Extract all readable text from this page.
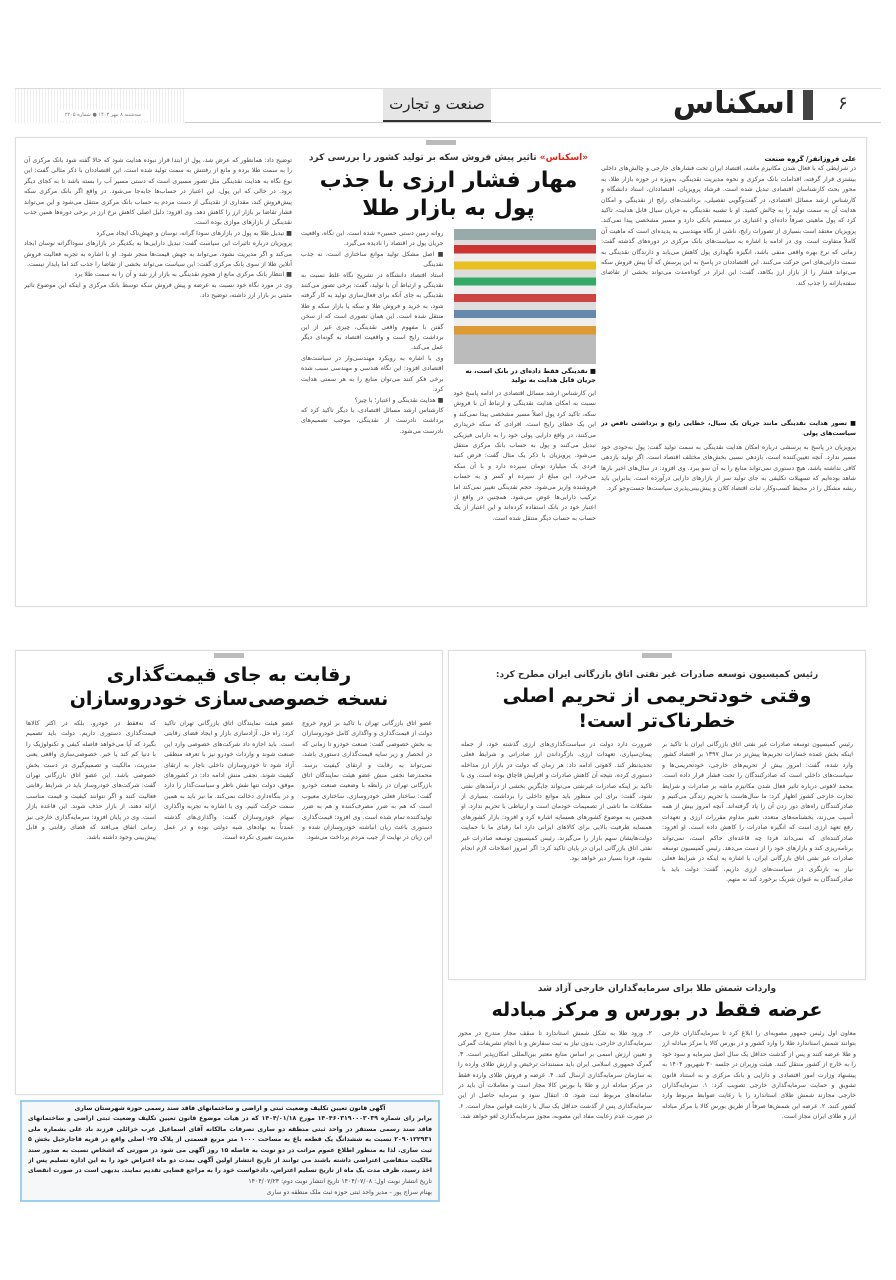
سه‌شنبه ۸ مهر ۱۴۰۳ ● شماره ۲۲۰۵
صنعت و تجارت	اسکناس ۶
علی فروزانفر/ گروه صنعت
در شرایطی که با فعال شدن مکانیزم ماشه، اقتصاد ایران تحت فشارهای خارجی و چالش‌های داخلی بیشتری قرار گرفته، اقدامات بانک مرکزی و نحوه مدیریت نقدینگی، به‌ویژه در حوزه بازار طلا، به محور بحث کارشناسان اقتصادی تبدیل شده است. فرشاد پرویزیان، اقتصاددان، استاد دانشگاه و کارشناس ارشد مسائل اقتصادی، در گفت‌وگویی تفصیلی، برداشت‌های رایج از نقدینگی و امکان هدایت آن به سمت تولید را به چالش کشید. او با تشبیه نقدینگی به جریان سیال قابل هدایت، تاکید کرد که پول ماهیتی صرفاً داده‌ای و اعتباری در سیستم بانکی دارد و مسیر مشخصی پیدا نمی‌کند. پرویزیان معتقد است بسیاری از تصورات رایج، ناشی از نگاه مهندسی به پدیده‌ای است که ماهیت آن کاملاً متفاوت است. وی در ادامه با اشاره به سیاست‌های بانک مرکزی در دوره‌های گذشته گفت: زمانی که نرخ بهره واقعی منفی باشد، انگیزه نگهداری پول کاهش می‌یابد و دارندگان نقدینگی به سمت دارایی‌های امن حرکت می‌کنند. این اقتصاددان در پاسخ به این پرسش که آیا پیش فروش سکه می‌تواند فشار را از بازار ارز بکاهد، گفت: این ابزار در کوتاه‌مدت می‌تواند بخشی از تقاضای سفته‌بازانه را جذب کند.
■ تصور هدایت نقدینگی مانند جریان یک سیال، خطایی رایج و برداشتی ناقص در سیاست‌های پولی
پرویزیان در پاسخ به پرسشی درباره امکان هدایت نقدینگی به سمت تولید گفت: پول به‌خودی خود مسیر ندارد. آنچه تعیین‌کننده است، بازدهی نسبی بخش‌های مختلف اقتصاد است. اگر تولید بازدهی کافی نداشته باشد، هیچ دستوری نمی‌تواند منابع را به آن سو ببرد. وی افزود: در سال‌های اخیر بارها شاهد بوده‌ایم که تسهیلات تکلیفی به جای تولید سر از بازارهای دارایی درآورده است. بنابراین باید ریشه مشکل را در محیط کسب‌وکار، ثبات اقتصاد کلان و پیش‌بینی‌پذیری سیاست‌ها جست‌وجو کرد.
«اسکناس» تاثیر پیش فروش سکه بر تولید کشور را بررسی کرد
مهار فشار ارزی با جذب پول به بازار طلا
■ نقدینگی فقط داده‌ای در بانک است، نه جریان قابل هدایت به تولید
این کارشناس ارشد مسائل اقتصادی در ادامه پاسخ خود نسبت به امکان هدایت نقدینگی و ارتباط آن با فروش سکه، تاکید کرد پول اصلاً مسیر مشخصی پیدا نمی‌کند و این یک خطای رایج است. افرادی که سکه خریداری می‌کنند، در واقع دارایی پولی خود را به دارایی فیزیکی تبدیل می‌کنند و پول به حساب بانک مرکزی منتقل می‌شود. پرویزیان با ذکر یک مثال گفت: فرض کنید فردی یک میلیارد تومان سپرده دارد و با آن سکه می‌خرد. این مبلغ از سپرده او کسر و به حساب فروشنده واریز می‌شود. حجم نقدینگی تغییر نمی‌کند اما ترکیب دارایی‌ها عوض می‌شود. همچنین در واقع از اعتبار خود در بانک استفاده کرده‌اند و این اعتبار از یک حساب به حساب دیگر منتقل شده است.
روانه زمین دستی حسین» شده است. این نگاه، واقعیت جریان پول در اقتصاد را نادیده می‌گیرد.
■ اصل مشکل تولید موانع ساختاری است، نه جذب نقدینگی
استاد اقتصاد دانشگاه در تشریح نگاه غلط نسبت به نقدینگی و ارتباط آن با تولید، گفت: برخی تصور می‌کنند نقدینگی به جای آنکه برای فعال‌سازی تولید به کار گرفته شود، به خرید و فروش طلا و سکه یا بازار سکه و طلا منتقل شده است. این همان تصوری است که از سخن گفتن با مفهوم واقعی نقدینگی، چیزی غیر از این برداشت رایج است و واقعیت اقتصاد به گونه‌ای دیگر عمل می‌کند.
وی با اشاره به رویکرد مهندسی‌وار در سیاست‌های اقتصادی افزود: این نگاه هندسی و مهندسی سبب شده برخی فکر کنند می‌توان منابع را به هر سمتی هدایت کرد.
■ هدایت نقدینگی و اعتبار؛ با چیز؟
کارشناس ارشد مسائل اقتصادی، با دیگر تاکید کرد که برداشت نادرست از نقدینگی، موجب تصمیم‌های نادرست می‌شود.
توضیح داد: همانطور که عرض شد، پول از ابتدا قرار نبوده هدایت شود که حالا گفته شود بانک مرکزی آن را به سمت طلا برده و مانع از رفتنش به سمت تولید شده است. این اقتصاددان با ذکر مثالی گفت: این نوع نگاه به هدایت نقدینگی مثل تصور مسیری است که دستی مسیر آب را بسته باشد تا به کجای دیگر برود. در حالی که این پول، این اعتبار در حساب‌ها جابه‌جا می‌شود. در واقع اگر بانک مرکزی سکه پیش‌فروش کند، مقداری از نقدینگی از دست مردم به حساب بانک مرکزی منتقل می‌شود و این می‌تواند فشار تقاضا بر بازار ارز را کاهش دهد. وی افزود: دلیل اصلی کاهش نرخ ارز در برخی دوره‌ها همین جذب نقدینگی از بازارهای موازی بوده است.
■ تبدیل طلا به پول در بازارهای سودا گرانه، نوسان و جهش‌ناک ایجاد می‌کرد
پرویزیان درباره تاثیرات این سیاست گفت: تبدیل دارایی‌ها به یکدیگر در بازارهای سوداگرانه نوسان ایجاد می‌کند و اگر مدیریت نشود، می‌تواند به جهش قیمت‌ها منجر شود. او با اشاره به تجربه فعالیت فروش آنلاین طلا از سوی بانک مرکزی گفت: این سیاست می‌تواند بخشی از تقاضا را جذب کند اما پایدار نیست.
■ انتظار بانک مرکزی مانع از هجوم نقدینگی به بازار ارز شد و آن را به سمت طلا برد
وی در مورد نگاه خود نسبت به عرضه و پیش فروش سکه توسط بانک مرکزی و اینکه این موضوع تاثیر مثبتی بر بازار ارز داشته، توضیح داد.
رئیس کمیسیون توسعه صادرات غیر نفتی اتاق بازرگانی ایران مطرح کرد:
وقتی خودتحریمی از تحریم اصلی خطرناک‌تر است!
رئیس کمیسیون توسعه صادرات غیر نفتی اتاق بازرگانی ایران با تاکید بر اینکه بخش عمده خسارات تحریم‌ها پیش‌تر در سال ۱۳۹۷ بر اقتصاد کشور وارد شده، گفت: امروز بیش از تحریم‌های خارجی، خودتحریمی‌ها و سیاست‌های داخلی است که صادرکنندگان را تحت فشار قرار داده است. محمد لاهوتی درباره تاثیر فعال شدن مکانیزم ماشه بر صادرات و شرایط تجارت خارجی کشور اظهار کرد: ما سال‌هاست با تحریم زندگی می‌کنیم و صادرکنندگان راه‌های دور زدن آن را یاد گرفته‌اند. آنچه امروز بیش از همه آسیب می‌زند، بخشنامه‌های متعدد، تغییر مداوم مقررات ارزی و تعهدات رفع تعهد ارزی است که انگیزه صادرات را کاهش داده است. او افزود: صادرکننده‌ای که نمی‌داند فردا چه قاعده‌ای حاکم است، نمی‌تواند برنامه‌ریزی کند و بازارهای خود را از دست می‌دهد. رئیس کمیسیون توسعه صادرات غیر نفتی اتاق بازرگانی ایران، با اشاره به اینکه در شرایط فعلی نیاز به بازنگری در سیاست‌های ارزی داریم، گفت: دولت باید با صادرکنندگان به عنوان شریک برخورد کند نه متهم.
ضرورت دارد دولت در سیاست‌گذاری‌های ارزی گذشته خود، از جمله پیمان‌سپاری، تعهدات ارزی، بازگرداندن ارز صادراتی و شرایط فعلی تجدیدنظر کند. لاهوتی ادامه داد: هر زمان که دولت در بازار ارز مداخله دستوری کرده، نتیجه آن کاهش صادرات و افزایش قاچاق بوده است. وی با تاکید بر اینکه صادرات غیرنفتی می‌تواند جایگزین بخشی از درآمدهای نفتی شود، گفت: برای این منظور باید موانع داخلی را برداشت. بسیاری از مشکلات ما ناشی از تصمیمات خودمان است و ارتباطی با تحریم ندارد. او همچنین به موضوع کشورهای همسایه اشاره کرد و افزود: بازار کشورهای همسایه ظرفیت بالایی برای کالاهای ایرانی دارد اما رقبای ما با حمایت دولت‌هایشان سهم بازار را می‌گیرند. رئیس کمیسیون توسعه صادرات غیر نفتی اتاق بازرگانی ایران در پایان تاکید کرد: اگر امروز اصلاحات لازم انجام نشود، فردا بسیار دیر خواهد بود.
واردات شمش طلا برای سرمایه‌گذاران خارجی آزاد شد
عرضه فقط در بورس و مرکز مبادله
معاون اول رئیس جمهور مصوبه‌ای را ابلاغ کرد تا سرمایه‌گذاران خارجی بتوانند شمش استاندارد طلا را وارد کشور و در بورس کالا یا مرکز مبادله ارز و طلا عرضه کنند و پس از گذشت حداقل یک سال اصل سرمایه و سود خود را به خارج از کشور منتقل کنند. هیئت وزیران در جلسه ۳۰ شهریور ۱۴۰۴ به پیشنهاد وزارت امور اقتصادی و دارایی و بانک مرکزی و به استناد قانون تشویق و حمایت سرمایه‌گذاری خارجی تصویب کرد: ۱. سرمایه‌گذاران خارجی مجازند شمش طلای استاندارد را با رعایت ضوابط مربوط وارد کشور کنند. ۲. عرضه این شمش‌ها صرفاً از طریق بورس کالا یا مرکز مبادله ارز و طلای ایران مجاز است.
۲. ورود طلا به شکل شمش استاندارد تا سقف مجاز مندرج در مجوز سرمایه‌گذاری خارجی، بدون نیاز به ثبت سفارش و با انجام تشریفات گمرکی و تعیین ارزش اسمی بر اساس منابع معتبر بین‌المللی امکان‌پذیر است. ۳. گمرک جمهوری اسلامی ایران باید مستندات ترخیص و ارزش طلای وارده را به سازمان سرمایه‌گذاری ارسال کند. ۴. عرضه و فروش طلای وارده فقط در مرکز مبادله ارز و طلا یا بورس کالا مجاز است و معاملات آن باید در سامانه‌های مربوط ثبت شود. ۵. انتقال سود و سرمایه حاصل از این سرمایه‌گذاری پس از گذشت حداقل یک سال با رعایت قوانین مجاز است. ۶. در صورت عدم رعایت مفاد این مصوبه، مجوز سرمایه‌گذاری لغو خواهد شد.
رقابت به جای قیمت‌گذاری
نسخه خصوصی‌سازی خودروسازان
عضو اتاق بازرگانی تهران با تاکید بر لزوم خروج دولت از قیمت‌گذاری و واگذاری کامل خودروسازان به بخش خصوصی گفت: صنعت خودرو تا زمانی که در انحصار و زیر سایه قیمت‌گذاری دستوری باشد، نمی‌تواند به رقابت و ارتقای کیفیت برسد. محمدرضا نجفی منش عضو هیئت نمایندگان اتاق بازرگانی تهران در رابطه با وضعیت صنعت خودرو گفت: ساختار فعلی خودروسازی، ساختاری معیوب است که هم به ضرر مصرف‌کننده و هم به ضرر تولیدکننده تمام شده است. وی افزود: قیمت‌گذاری دستوری باعث زیان انباشته خودروسازان شده و این زیان در نهایت از جیب مردم پرداخت می‌شود.
عضو هیئت نمایندگان اتاق بازرگانی تهران تاکید کرد: راه حل، آزادسازی بازار و ایجاد فضای رقابتی است. باید اجازه داد شرکت‌های خصوصی وارد این صنعت شوند و واردات خودرو نیز با تعرفه منطقی آزاد شود تا خودروسازان داخلی ناچار به ارتقای کیفیت شوند. نجفی منش ادامه داد: در کشورهای موفق، دولت تنها نقش ناظر و سیاست‌گذار را دارد و در بنگاه‌داری دخالت نمی‌کند. ما نیز باید به همین سمت حرکت کنیم. وی با اشاره به تجربه واگذاری سهام خودروسازان گفت: واگذاری‌های گذشته عمدتاً به نهادهای شبه دولتی بوده و در عمل مدیریت تغییری نکرده است.
که نه‌فقط در خودرو، بلکه در اکثر کالاها قیمت‌گذاری دستوری داریم. دولت باید تصمیم بگیرد که آیا می‌خواهد فاصله کیفی و تکنولوژیک را با دنیا کم کند یا خیر. خصوصی‌سازی واقعی یعنی مدیریت، مالکیت و تصمیم‌گیری در دست بخش خصوصی باشد. این عضو اتاق بازرگانی تهران گفت: شرکت‌های خودروساز باید در شرایط رقابتی فعالیت کنند و اگر نتوانند کیفیت و قیمت مناسب ارائه دهند، از بازار حذف شوند. این قاعده بازار است. وی در پایان افزود: سرمایه‌گذاری خارجی نیز زمانی اتفاق می‌افتد که فضای رقابتی و قابل پیش‌بینی وجود داشته باشد.
آگهی قانون تعیین تکلیف وضعیت ثبتی و اراضی و ساختمانهای فاقد سند رسمی حوزه شهرستان ساری
برابر رای شماره ۱۴۰۴۶۰۳۱۹۰۰۰۳۰۳۹ مورخ ۱۴۰۴/۰۱/۱۸ که در هیات موضوع قانون تعیین تکلیف وضعیت ثبتی اراضی و ساختمانهای فاقد سند رسمی مستقر در واحد ثبتی منطقه دو ساری تصرفات مالکانه آقای اسماعیل عرب خزائلی فرزند ناد علی بشماره ملی ۲۰۹۰۱۲۲۹۳۱ نسبت به ششدانگ یک قطعه باغ به مساحت ۱۰۰۰ متر مربع قسمتی از پلاک ۲۵- اصلی واقع در قریه قاجارخیل بخش ۵ ثبت ساری. لذا به منظور اطلاع عموم مراتب در دو نوبت به فاصله ۱۵ روز آگهی می شود در صورتی که اشخاص نسبت به صدور سند مالکیت متقاضی اعتراضی داشته باشند می توانند از تاریخ انتشار اولین آگهی بمدت دو ماه اعتراض خود را به این اداره تسلیم پس از اخذ رسید، ظرف مدت یک ماه از تاریخ تسلیم اعتراض، دادخواست خود را به مراجع قضایی تقدیم نمایند. بدیهی است در صورت انقضای
تاریخ انتشار نوبت اول: ۱۴۰۴/۰۷/۰۸ تاریخ انتشار نوبت دوم: ۱۴۰۴/۰۷/۲۳
بهنام سراج پور - مدیر واحد ثبتی حوزه ثبت ملک منطقه دو ساری
